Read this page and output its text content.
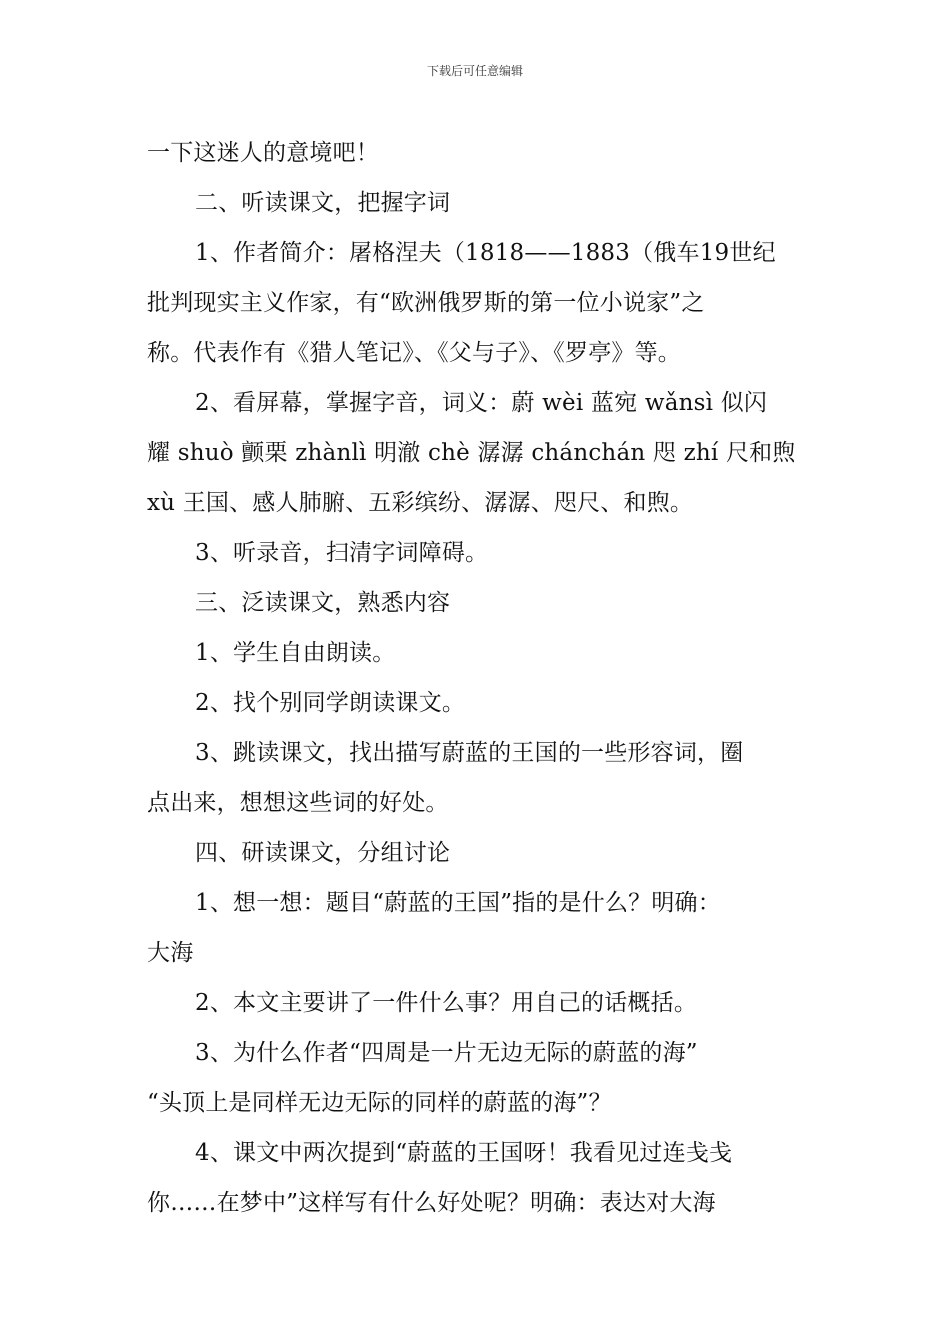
下载后可任意编辑
一下这迷人的意境吧！
二、听读课文，把握字词
1、作者简介：屠格涅夫（1818——1883（俄车19世纪
批判现实主义作家，有“欧洲俄罗斯的第一位小说家”之
称。代表作有《猎人笔记》、《父与子》、《罗亭》等。
2、看屏幕，掌握字音，词义：蔚 wèi 蓝宛 wǎnsì 似闪
耀 shuò 颤栗 zhànlì 明澈 chè 潺潺 chánchán 咫 zhí 尺和煦
xù 王国、感人肺腑、五彩缤纷、潺潺、咫尺、和煦。
3、听录音，扫清字词障碍。
三、泛读课文，熟悉内容
1、学生自由朗读。
2、找个别同学朗读课文。
3、跳读课文，找出描写蔚蓝的王国的一些形容词，圈
点出来，想想这些词的好处。
四、研读课文，分组讨论
1、想一想：题目“蔚蓝的王国”指的是什么？明确：
大海
2、本文主要讲了一件什么事？用自己的话概括。
3、为什么作者“四周是一片无边无际的蔚蓝的海”
“头顶上是同样无边无际的同样的蔚蓝的海”？
4、课文中两次提到“蔚蓝的王国呀！我看见过连戋戋
你……在梦中”这样写有什么好处呢？明确：表达对大海
